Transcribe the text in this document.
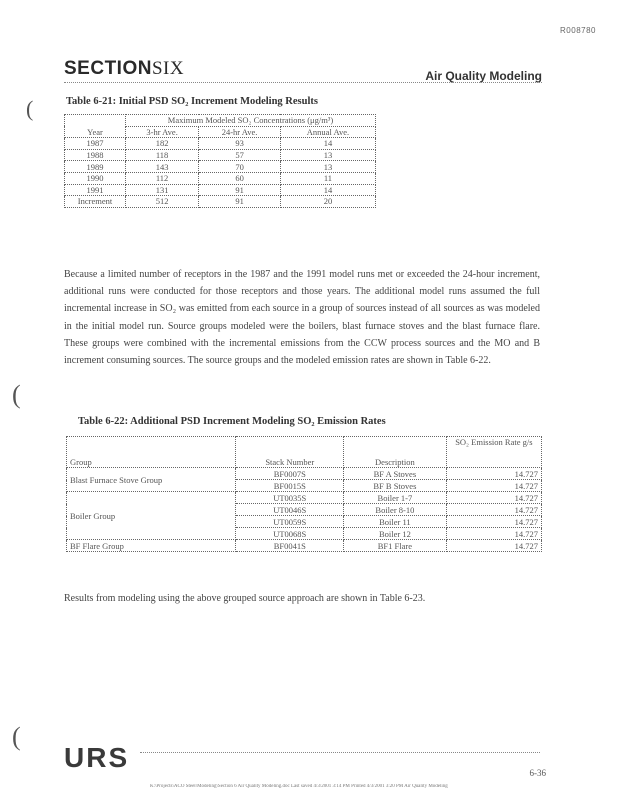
R008780
SECTIONSIX	Air Quality Modeling
(
(
(
Table 6-21: Initial PSD SO₂ Increment Modeling Results
Year	Maximum Modeled SO₂ Concentrations (μg/m³)		
	3-hr Ave.	24-hr Ave.	Annual Ave.
1987	182	93	14
1988	118	57	13
1989	143	70	13
1990	112	60	11
1991	131	91	14
Increment	512	91	20
Because a limited number of receptors in the 1987 and the 1991 model runs met or exceeded the 24-hour increment, additional runs were conducted for those receptors and those years. The additional model runs assumed the full incremental increase in SO₂ was emitted from each source in a group of sources instead of all sources as was modeled in the initial model run. Source groups modeled were the boilers, blast furnace stoves and the blast furnace flare. These groups were combined with the incremental emissions from the CCW process sources and the MO and B increment consuming sources. The source groups and the modeled emission rates are shown in Table 6-22.
Table 6-22: Additional PSD Increment Modeling SO₂ Emission Rates
Group	Stack Number	Description	SO₂ Emission Rate g/s
Blast Furnace Stove Group	BF0007S	BF A Stoves	14.727
	BF0015S	BF B Stoves	14.727
Boiler Group	UT0035S	Boiler 1-7	14.727
	UT0046S	Boiler 8-10	14.727
	UT0059S	Boiler 11	14.727
	UT0068S	Boiler 12	14.727
BF Flare Group	BF0041S	BF1 Flare	14.727
Results from modeling using the above grouped source approach are shown in Table 6-23.
URS	6-36
K:\Projects\ACO Steel\Modeling\Section 6 Air Quality Modeling.doc Last saved 4/3/2001 3:14 PM Printed 4/3/2001 3:20 PM Air Quality Modeling
